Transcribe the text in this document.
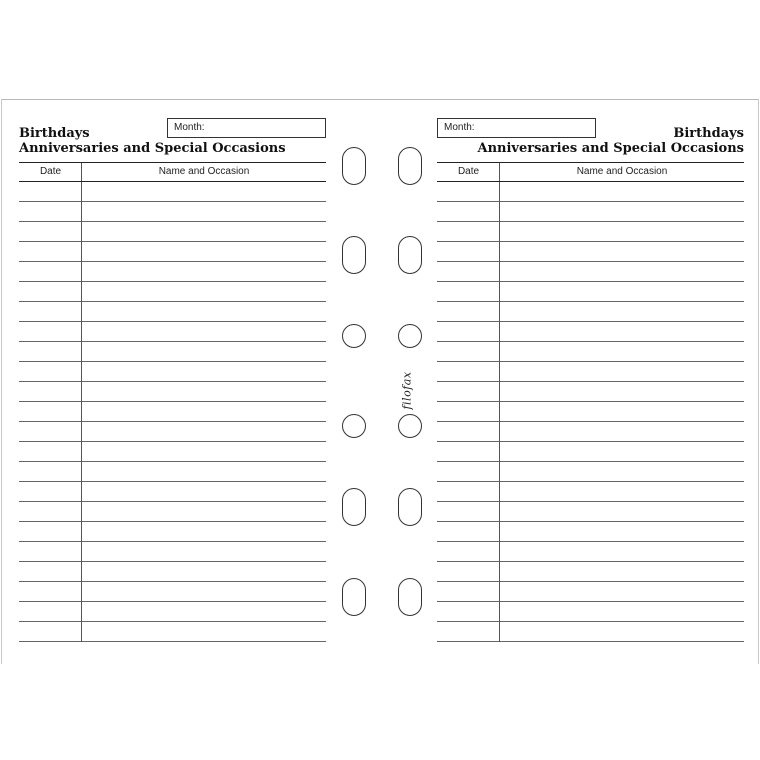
Birthdays
Anniversaries and Special Occasions
Month:
Date	Name and Occasion
filofax
Month:	Birthdays
Anniversaries and Special Occasions
Date	Name and Occasion
